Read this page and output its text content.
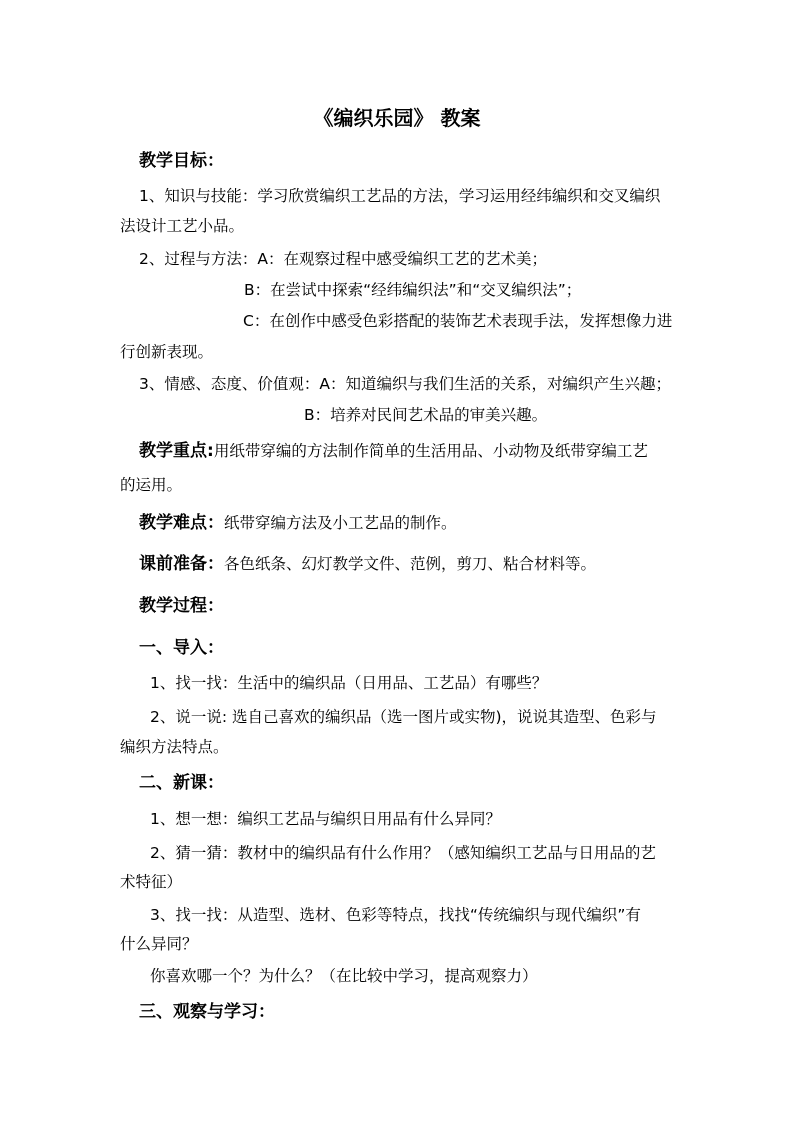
《编织乐园》 教案
教学目标：
1、知识与技能：学习欣赏编织工艺品的方法，学习运用经纬编织和交叉编织
法设计工艺小品。
2、过程与方法：A：在观察过程中感受编织工艺的艺术美；
B：在尝试中探索“经纬编织法”和“交叉编织法”；
C：在创作中感受色彩搭配的装饰艺术表现手法，发挥想像力进
行创新表现。
3、情感、态度、价值观：A：知道编织与我们生活的关系，对编织产生兴趣；
B：培养对民间艺术品的审美兴趣。
教学重点:用纸带穿编的方法制作简单的生活用品、小动物及纸带穿编工艺
的运用。
教学难点：纸带穿编方法及小工艺品的制作。
课前准备：各色纸条、幻灯教学文件、范例，剪刀、粘合材料等。
教学过程：
一、导入：
1、找一找：生活中的编织品（日用品、工艺品）有哪些？
2、说一说: 选自己喜欢的编织品（选一图片或实物)，说说其造型、色彩与
编织方法特点。
二、新课：
1、想一想：编织工艺品与编织日用品有什么异同？
2、猜一猜：教材中的编织品有什么作用？（感知编织工艺品与日用品的艺
术特征）
3、找一找：从造型、选材、色彩等特点，找找“传统编织与现代编织”有
什么异同？
你喜欢哪一个？为什么？（在比较中学习，提高观察力）
三、观察与学习：
